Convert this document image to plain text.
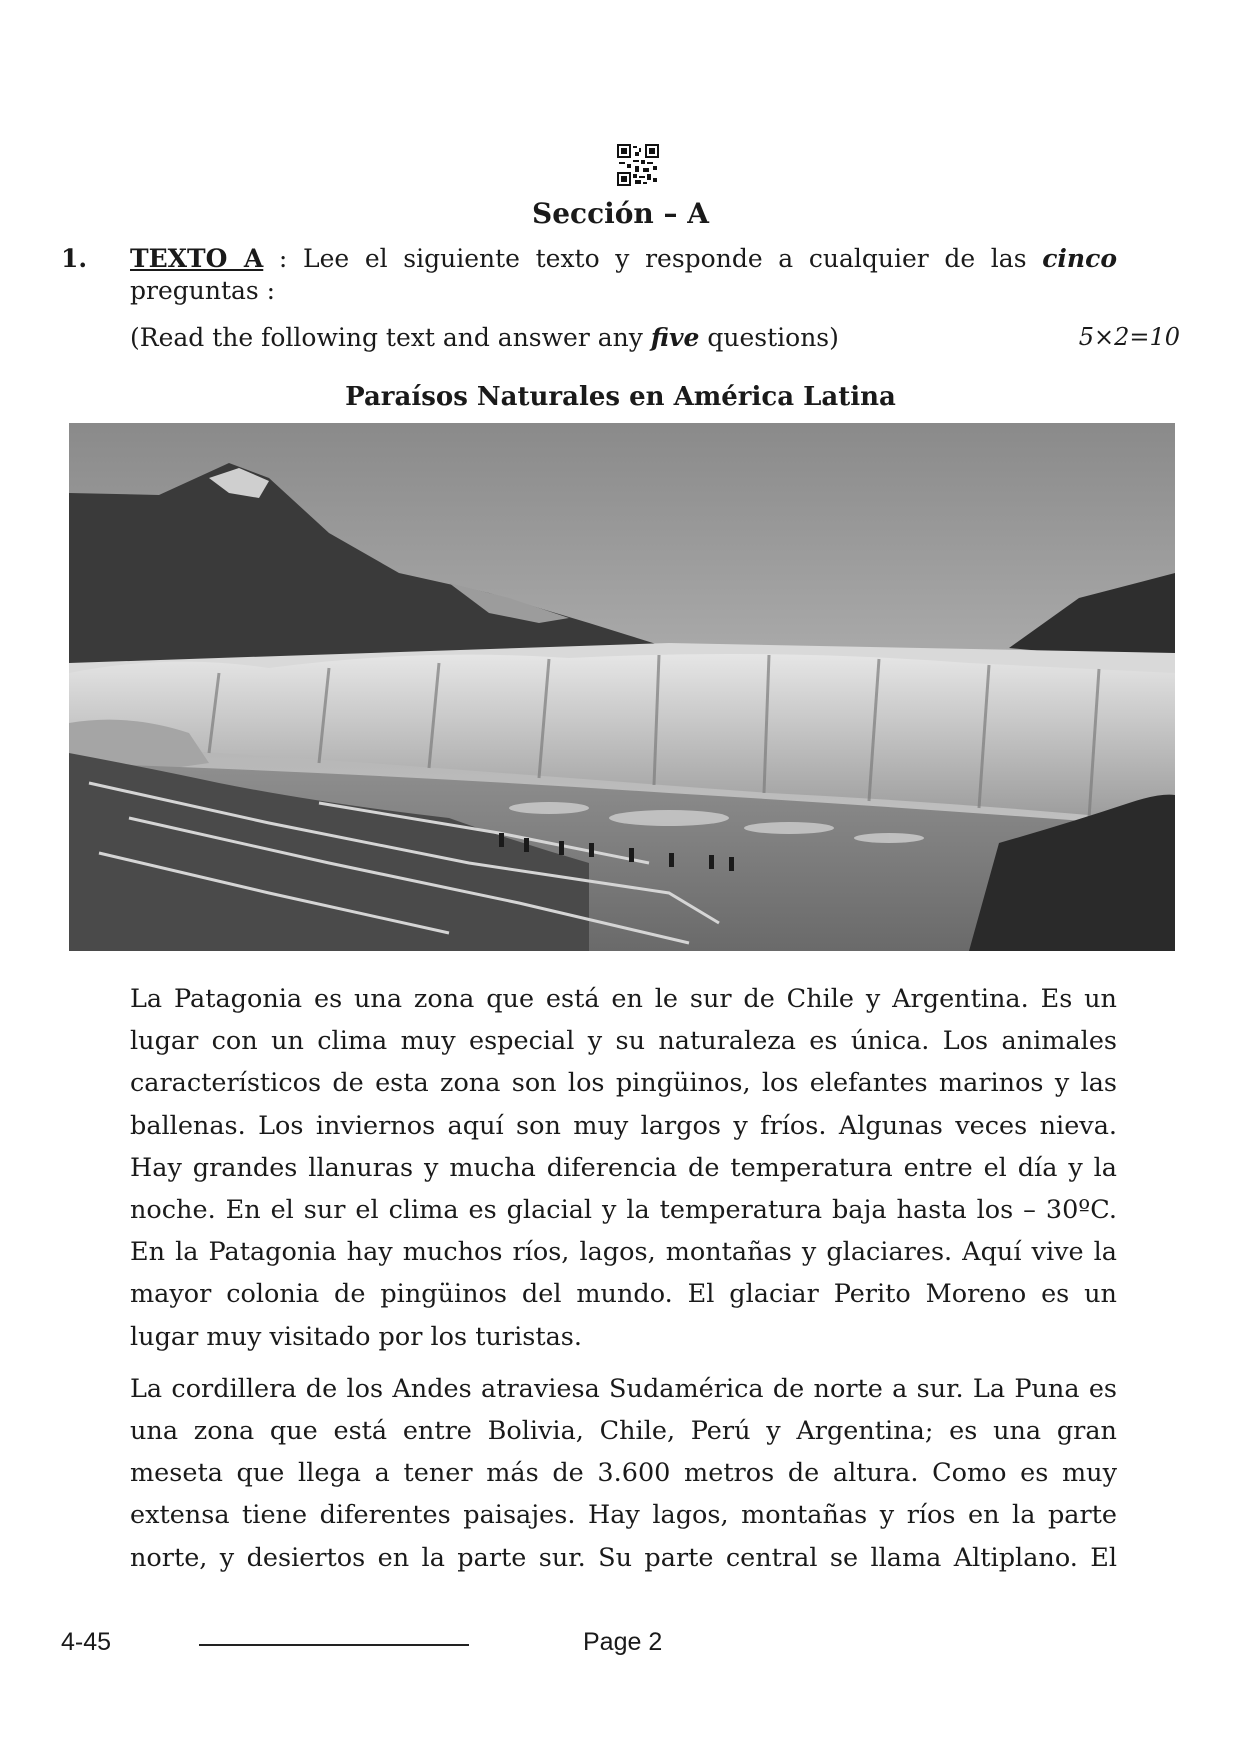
Sección – A
1. TEXTO A : Lee el siguiente texto y responde a cualquier de las cinco
preguntas :
(Read the following text and answer any five questions)	5×2=10
Paraísos Naturales en América Latina

La Patagonia es una zona que está en le sur de Chile y Argentina. Es un lugar con un clima muy especial y su naturaleza es única. Los animales característicos de esta zona son los pingüinos, los elefantes marinos y las ballenas. Los inviernos aquí son muy largos y fríos. Algunas veces nieva. Hay grandes llanuras y mucha diferencia de temperatura entre el día y la noche. En el sur el clima es glacial y la temperatura baja hasta los – 30ºC. En la Patagonia hay muchos ríos, lagos, montañas y glaciares. Aquí vive la mayor colonia de pingüinos del mundo. El glaciar Perito Moreno es un lugar muy visitado por los turistas.

La cordillera de los Andes atraviesa Sudamérica de norte a sur. La Puna es una zona que está entre Bolivia, Chile, Perú y Argentina; es una gran meseta que llega a tener más de 3.600 metros de altura. Como es muy extensa tiene diferentes paisajes. Hay lagos, montañas y ríos en la parte norte, y desiertos en la parte sur. Su parte central se llama Altiplano. El

4-45	Page 2
